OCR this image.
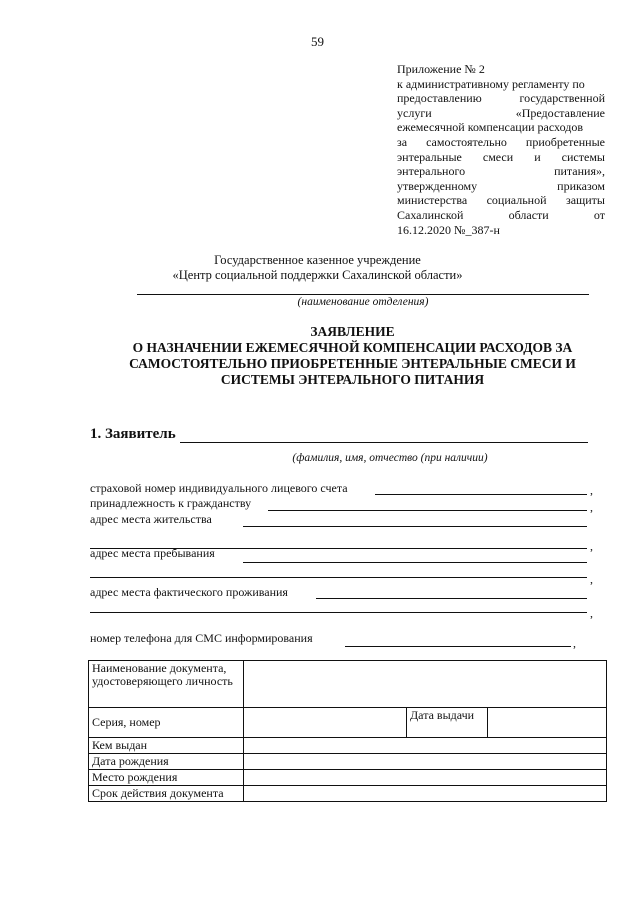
59
Приложение № 2
к административному регламенту по
предоставлению	государственной
услуги	«Предоставление
ежемесячной компенсации расходов
за самостоятельно приобретенные
энтеральные смеси и системы
энтерального	питания»,
утвержденному	приказом
министерства социальной защиты
Сахалинской	области	от
16.12.2020 №_387-н
Государственное казенное учреждение
«Центр социальной поддержки Сахалинской области»
(наименование отделения)
ЗАЯВЛЕНИЕ
О НАЗНАЧЕНИИ ЕЖЕМЕСЯЧНОЙ КОМПЕНСАЦИИ РАСХОДОВ ЗА
САМОСТОЯТЕЛЬНО ПРИОБРЕТЕННЫЕ ЭНТЕРАЛЬНЫЕ СМЕСИ И
СИСТЕМЫ ЭНТЕРАЛЬНОГО ПИТАНИЯ
1. Заявитель
(фамилия, имя, отчество (при наличии)
страховой номер индивидуального лицевого счета	,
принадлежность к гражданству	,
адрес места жительства
,
адрес места пребывания
,
адрес места фактического проживания
,
номер телефона для СМС информирования	,
Наименование документа, удостоверяющего личность			
Серия, номер		Дата выдачи	
Кем выдан			
Дата рождения			
Место рождения			
Срок действия документа			
